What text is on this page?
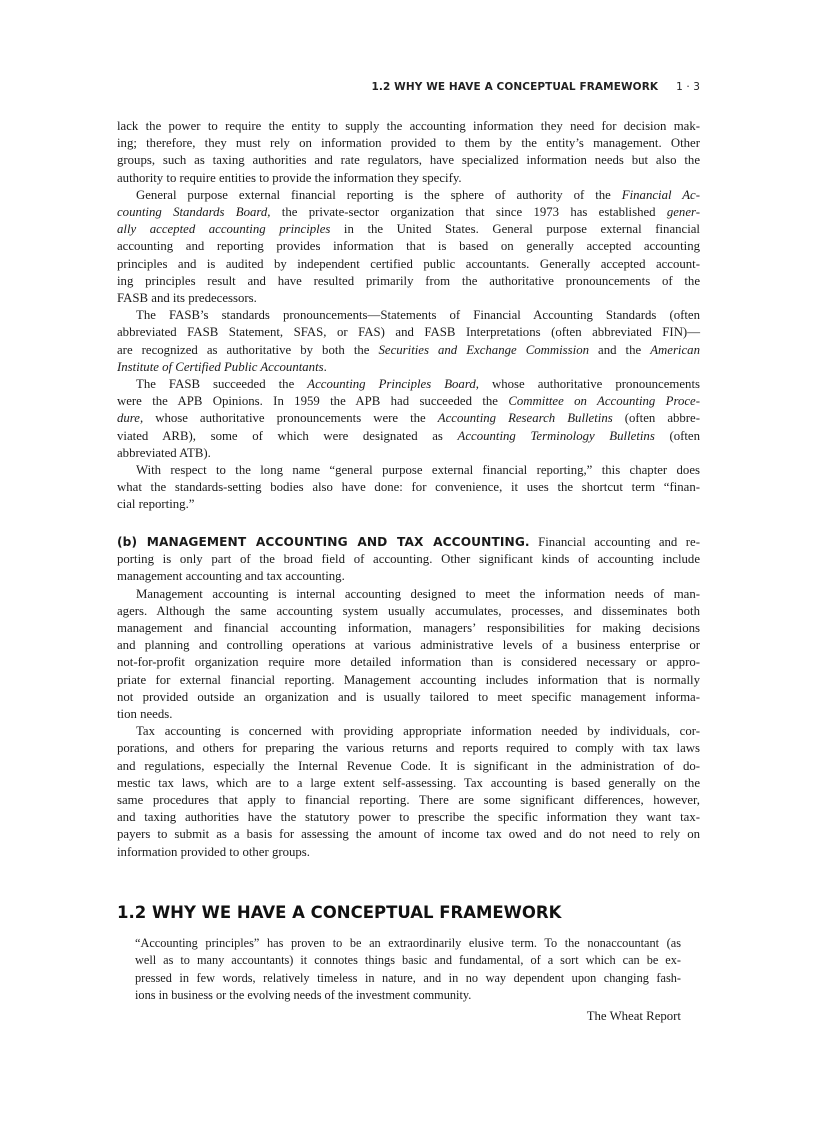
1.2 WHY WE HAVE A CONCEPTUAL FRAMEWORK 1 · 3
lack the power to require the entity to supply the accounting information they need for decision mak-
ing; therefore, they must rely on information provided to them by the entity’s management. Other
groups, such as taxing authorities and rate regulators, have specialized information needs but also the
authority to require entities to provide the information they specify.
General purpose external financial reporting is the sphere of authority of the Financial Ac-
counting Standards Board, the private-sector organization that since 1973 has established gener-
ally accepted accounting principles in the United States. General purpose external financial
accounting and reporting provides information that is based on generally accepted accounting
principles and is audited by independent certified public accountants. Generally accepted account-
ing principles result and have resulted primarily from the authoritative pronouncements of the
FASB and its predecessors.
The FASB’s standards pronouncements—Statements of Financial Accounting Standards (often
abbreviated FASB Statement, SFAS, or FAS) and FASB Interpretations (often abbreviated FIN)—
are recognized as authoritative by both the Securities and Exchange Commission and the American
Institute of Certified Public Accountants.
The FASB succeeded the Accounting Principles Board, whose authoritative pronouncements
were the APB Opinions. In 1959 the APB had succeeded the Committee on Accounting Proce-
dure, whose authoritative pronouncements were the Accounting Research Bulletins (often abbre-
viated ARB), some of which were designated as Accounting Terminology Bulletins (often
abbreviated ATB).
With respect to the long name “general purpose external financial reporting,” this chapter does
what the standards-setting bodies also have done: for convenience, it uses the shortcut term “finan-
cial reporting.”
(b) MANAGEMENT ACCOUNTING AND TAX ACCOUNTING. Financial accounting and re-
porting is only part of the broad field of accounting. Other significant kinds of accounting include
management accounting and tax accounting.
Management accounting is internal accounting designed to meet the information needs of man-
agers. Although the same accounting system usually accumulates, processes, and disseminates both
management and financial accounting information, managers’ responsibilities for making decisions
and planning and controlling operations at various administrative levels of a business enterprise or
not-for-profit organization require more detailed information than is considered necessary or appro-
priate for external financial reporting. Management accounting includes information that is normally
not provided outside an organization and is usually tailored to meet specific management informa-
tion needs.
Tax accounting is concerned with providing appropriate information needed by individuals, cor-
porations, and others for preparing the various returns and reports required to comply with tax laws
and regulations, especially the Internal Revenue Code. It is significant in the administration of do-
mestic tax laws, which are to a large extent self-assessing. Tax accounting is based generally on the
same procedures that apply to financial reporting. There are some significant differences, however,
and taxing authorities have the statutory power to prescribe the specific information they want tax-
payers to submit as a basis for assessing the amount of income tax owed and do not need to rely on
information provided to other groups.
1.2 WHY WE HAVE A CONCEPTUAL FRAMEWORK
“Accounting principles” has proven to be an extraordinarily elusive term. To the nonaccountant (as
well as to many accountants) it connotes things basic and fundamental, of a sort which can be ex-
pressed in few words, relatively timeless in nature, and in no way dependent upon changing fash-
ions in business or the evolving needs of the investment community.
The Wheat Report
